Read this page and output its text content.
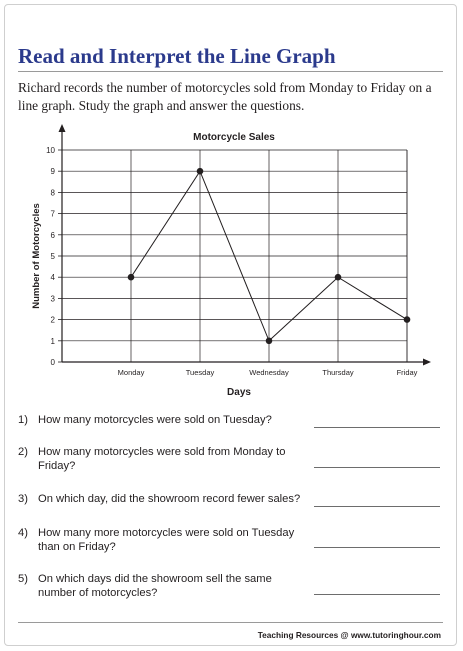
Read and Interpret the Line Graph

Richard records the number of motorcycles sold from Monday to Friday on a line graph. Study the graph and answer the questions.

0
1
2
3
4
5
6
7
8
9
10
Monday	Tuesday	Wednesday	Thursday	Friday
Motorcycle Sales
Days
Number of Motorcycles
1) How many motorcycles were sold on Tuesday?
2) How many motorcycles were sold from Monday to Friday?
3) On which day, did the showroom record fewer sales?
4) How many more motorcycles were sold on Tuesday than on Friday?
5) On which days did the showroom sell the same number of motorcycles?
Teaching Resources @ www.tutoringhour.com
